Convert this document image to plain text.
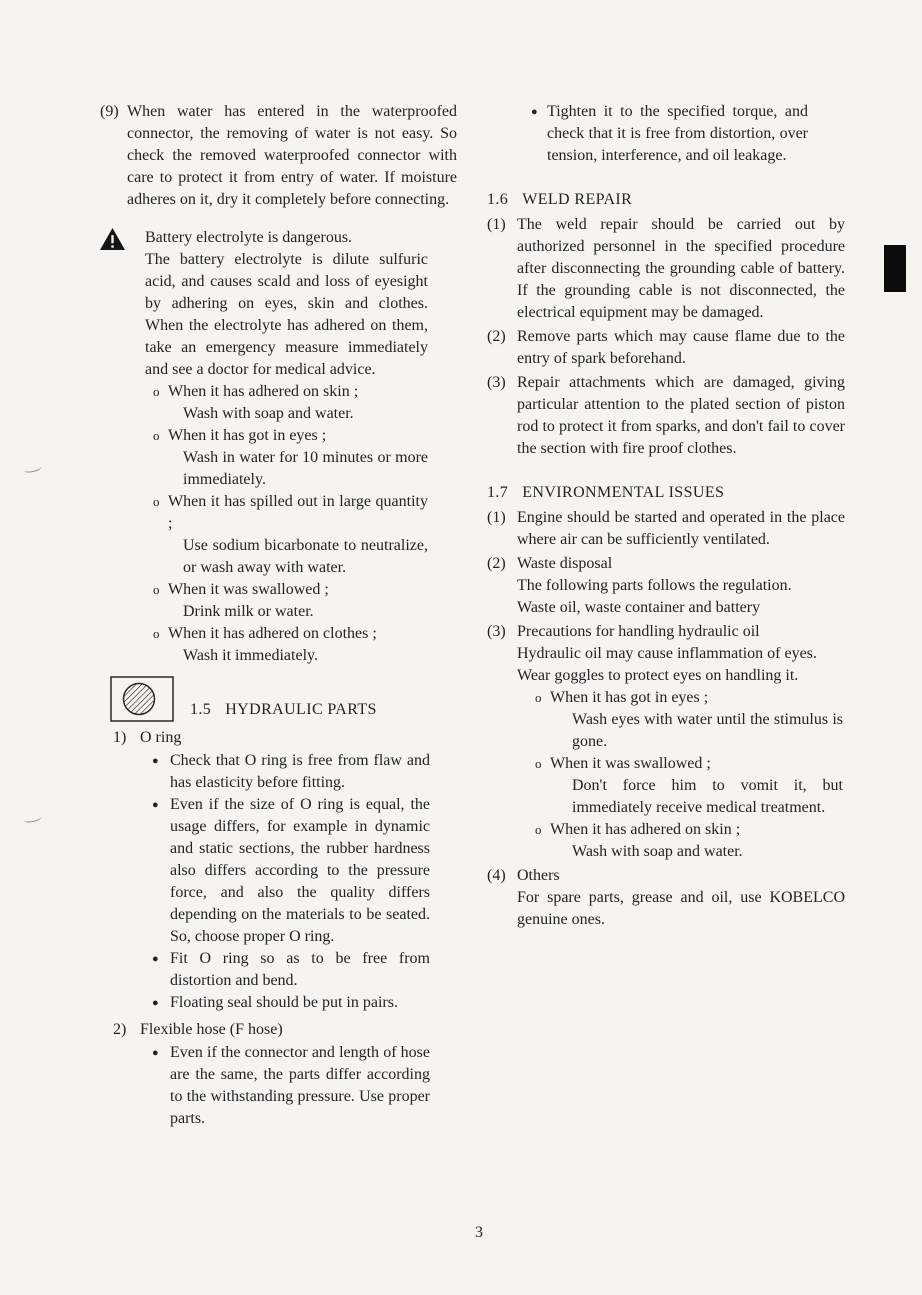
(9) When water has entered in the waterproofed connector, the removing of water is not easy. So check the removed waterproofed connector with care to protect it from entry of water. If moisture adheres on it, dry it completely before connecting.
Battery electrolyte is dangerous.
The battery electrolyte is dilute sulfuric acid, and causes scald and loss of eyesight by adhering on eyes, skin and clothes. When the electrolyte has adhered on them, take an emergency measure immediately and see a doctor for medical advice.
o When it has adhered on skin ;
Wash with soap and water.
o When it has got in eyes ;
Wash in water for 10 minutes or more immediately.
o When it has spilled out in large quantity ;
Use sodium bicarbonate to neutralize, or wash away with water.
o When it was swallowed ;
Drink milk or water.
o When it has adhered on clothes ;
Wash it immediately.
1.5 HYDRAULIC PARTS
1) O ring
● Check that O ring is free from flaw and has elasticity before fitting.
● Even if the size of O ring is equal, the usage differs, for example in dynamic and static sections, the rubber hardness also differs according to the pressure force, and also the quality differs depending on the materials to be seated. So, choose proper O ring.
● Fit O ring so as to be free from distortion and bend.
● Floating seal should be put in pairs.
2) Flexible hose (F hose)
● Even if the connector and length of hose are the same, the parts differ according to the withstanding pressure. Use proper parts.
● Tighten it to the specified torque, and check that it is free from distortion, over tension, interference, and oil leakage.
1.6 WELD REPAIR
(1) The weld repair should be carried out by authorized personnel in the specified procedure after disconnecting the grounding cable of battery. If the grounding cable is not disconnected, the electrical equipment may be damaged.
(2) Remove parts which may cause flame due to the entry of spark beforehand.
(3) Repair attachments which are damaged, giving particular attention to the plated section of piston rod to protect it from sparks, and don't fail to cover the section with fire proof clothes.
1.7 ENVIRONMENTAL ISSUES
(1) Engine should be started and operated in the place where air can be sufficiently ventilated.
(2) Waste disposal
The following parts follows the regulation.
Waste oil, waste container and battery
(3) Precautions for handling hydraulic oil
Hydraulic oil may cause inflammation of eyes.
Wear goggles to protect eyes on handling it.
o When it has got in eyes ;
Wash eyes with water until the stimulus is gone.
o When it was swallowed ;
Don't force him to vomit it, but immediately receive medical treatment.
o When it has adhered on skin ;
Wash with soap and water.
(4) Others
For spare parts, grease and oil, use KOBELCO genuine ones.
3
